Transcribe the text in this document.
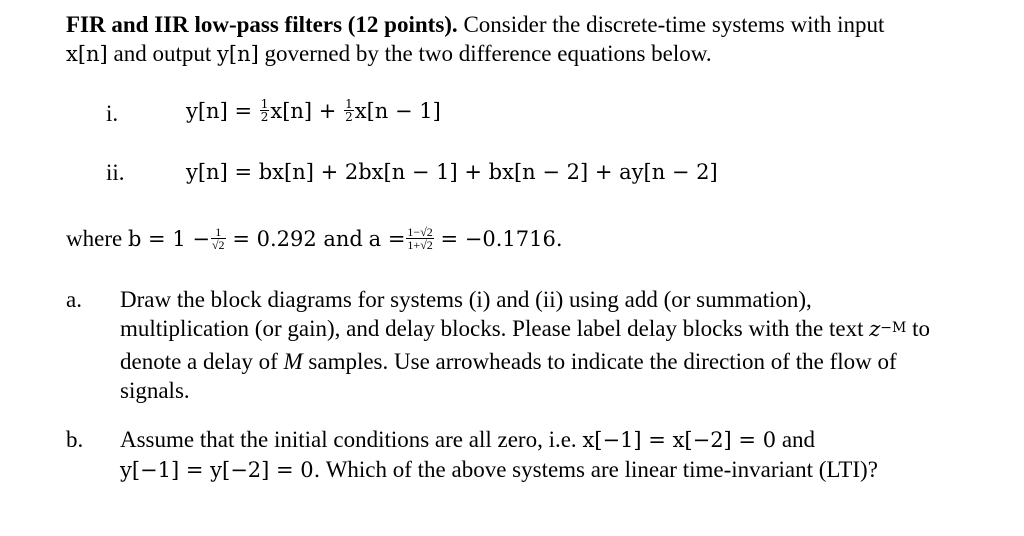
FIR and IIR low-pass filters (12 points). Consider the discrete-time systems with input
x[n] and output y[n] governed by the two difference equations below.
i.	$y[n] = \frac{1}{2} x[n] + \frac{1}{2} x[n - 1]$
ii.	y[n] = bx[n] + 2bx[n − 1] + bx[n − 2] + ay[n − 2]
where $b = 1 - \frac{1}{√2} = 0.292$ and $a = \frac{1-√2}{1+√2} = -0.1716$.
a. Draw the block diagrams for systems (i) and (ii) using add (or summation),
multiplication (or gain), and delay blocks. Please label delay blocks with the text $z^{-M}$ to
denote a delay of M samples. Use arrowheads to indicate the direction of the flow of
signals.
b. Assume that the initial conditions are all zero, i.e. x[−1] = x[−2] = 0 and
y[−1] = y[−2] = 0. Which of the above systems are linear time-invariant (LTI)?
